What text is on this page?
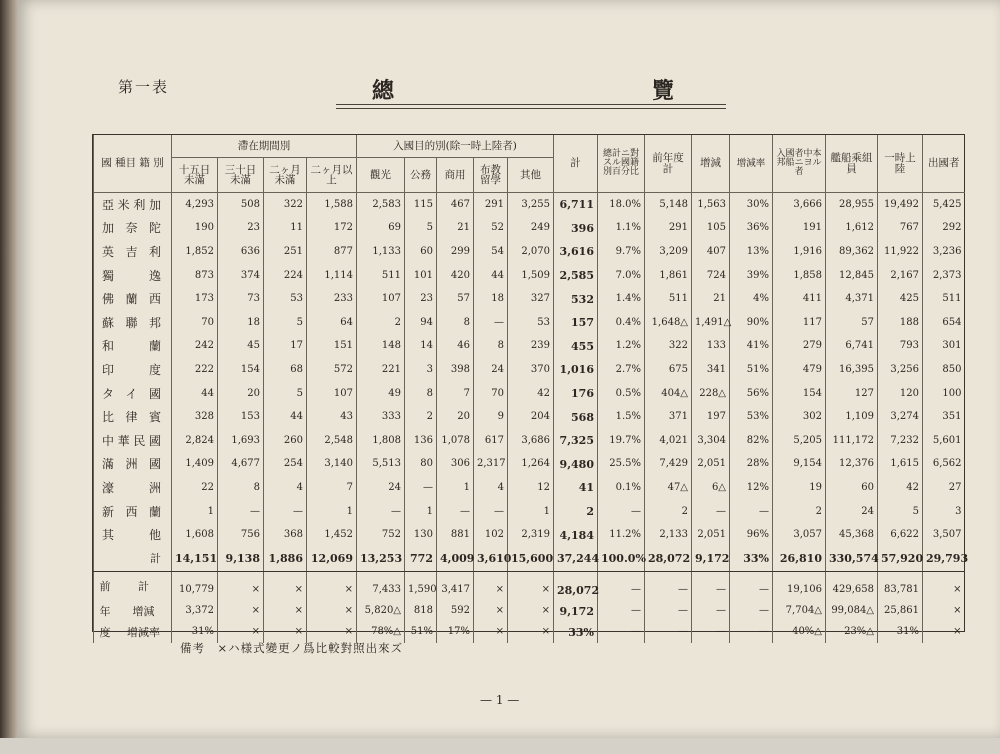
第一表	總	覽
國 種目 籍 別	滯在期間別				入國目的別(除一時上陸者)					計	總計ニ對スル國籍別百分比	前年度計	增減	增減率	入國者中本邦船ニヨル者	艦船乘組員	一時上陸	出國者
	十五日未滿	三十日未滿	二ヶ月未滿	二ヶ月以上	觀光	公務	商用	布教留學	其他									
亞米利加	4,293	508	322	1,588	2,583	115	467	291	3,255	6,711	18.0%	5,148	1,563	30%	3,666	28,955	19,492	5,425
加奈陀	190	23	11	172	69	5	21	52	249	396	1.1%	291	105	36%	191	1,612	767	292
英吉利	1,852	636	251	877	1,133	60	299	54	2,070	3,616	9.7%	3,209	407	13%	1,916	89,362	11,922	3,236
獨逸	873	374	224	1,114	511	101	420	44	1,509	2,585	7.0%	1,861	724	39%	1,858	12,845	2,167	2,373
佛蘭西	173	73	53	233	107	23	57	18	327	532	1.4%	511	21	4%	411	4,371	425	511
蘇聯邦	70	18	5	64	2	94	8	—	53	157	0.4%	1,648△	1,491△	90%	117	57	188	654
和蘭	242	45	17	151	148	14	46	8	239	455	1.2%	322	133	41%	279	6,741	793	301
印度	222	154	68	572	221	3	398	24	370	1,016	2.7%	675	341	51%	479	16,395	3,256	850
タイ國	44	20	5	107	49	8	7	70	42	176	0.5%	404△	228△	56%	154	127	120	100
比律賓	328	153	44	43	333	2	20	9	204	568	1.5%	371	197	53%	302	1,109	3,274	351
中華民國	2,824	1,693	260	2,548	1,808	136	1,078	617	3,686	7,325	19.7%	4,021	3,304	82%	5,205	111,172	7,232	5,601
滿洲國	1,409	4,677	254	3,140	5,513	80	306	2,317	1,264	9,480	25.5%	7,429	2,051	28%	9,154	12,376	1,615	6,562
濠洲	22	8	4	7	24	—	1	4	12	41	0.1%	47△	6△	12%	19	60	42	27
新西蘭	1	—	—	1	—	1	—	—	1	2	—	2	—	—	2	24	5	3
其他	1,608	756	368	1,452	752	130	881	102	2,319	4,184	11.2%	2,133	2,051	96%	3,057	45,368	6,622	3,507
計	14,151	9,138	1,886	12,069	13,253	772	4,009	3,610	15,600	37,244	100.0%	28,072	9,172	33%	26,810	330,574	57,920	29,793

前 計	10,779	×	×	×	7,433	1,590	3,417	×	×	28,072	—	—	—	—	19,106	429,658	83,781	×

年 增減	3,372	×	×	×	5,820△	818	592	×	×	9,172	—	—	—	—	7,704△	99,084△	25,861	×

度 增減率	31%	×	×	×	78%△	51%	17%	×	×	33%	—	—	—	—	40%△	23%△	31%	×
備考　×ハ様式變更ノ爲比較對照出來ズ
— 1 —
